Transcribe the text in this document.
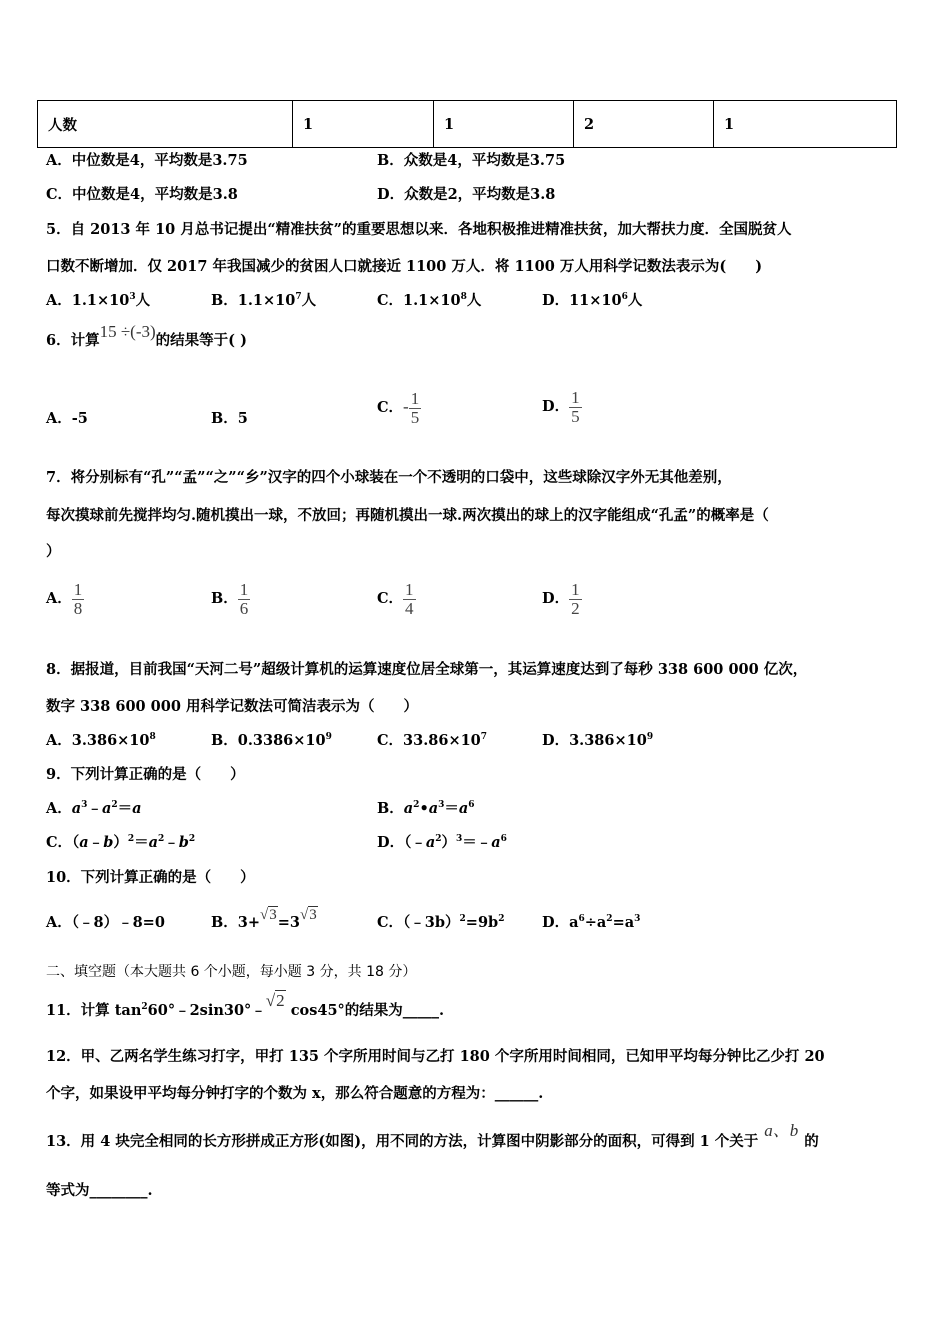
人数	1	1	2	1
A．中位数是4，平均数是3.75	B．众数是4，平均数是3.75
C．中位数是4，平均数是3.8	D．众数是2，平均数是3.8
5．自 2013 年 10 月总书记提出“精准扶贫”的重要思想以来．各地积极推进精准扶贫，加大帮扶力度．全国脱贫人
口数不断增加．仅 2017 年我国减少的贫困人口就接近 1100 万人．将 1100 万人用科学记数法表示为(　　)
A．$1.1\times 10^3$人	B．$1.1\times 10^7$人	C．$1.1\times 10^8$人	D．$11\times 10^6$人
6．计算15 ÷(-3)的结果等于( )
A．-5	B．5
C．- $\frac{1}{5}$	D． $\frac{1}{5}$
7．将分别标有“孔”“孟”“之”“乡”汉字的四个小球装在一个不透明的口袋中，这些球除汉字外无其他差别，
每次摸球前先搅拌均匀.随机摸出一球，不放回；再随机摸出一球.两次摸出的球上的汉字能组成“孔孟”的概率是（
）
A． $\frac{1}{8}$	B． $\frac{1}{6}$	C． $\frac{1}{4}$	D． $\frac{1}{2}$
8．据报道，目前我国“天河二号”超级计算机的运算速度位居全球第一，其运算速度达到了每秒 338 600 000 亿次，
数字 338 600 000 用科学记数法可简洁表示为（　　）
A．$3.386\times 10^8$	B．$0.3386\times 10^9$	C．$33.86\times 10^7$	D．$3.386\times 10^9$
9．下列计算正确的是（　　）
A．$a^3﹣a^2=a$	B．$a^2•a^3=a^6$
C．$(a﹣b)^2=a^2﹣b^2$	D．$(﹣a^2)^3=﹣a^6$
10．下列计算正确的是（　　）
A．（﹣8）﹣8=0	B．3+√3=3√3	C．$(﹣3b)^2=9b^2$	D．$a^6\div a^2=a^3$
二、填空题（本大题共 6 个小题，每小题 3 分，共 18 分）
11．计算 $\tan^260^\circ﹣2\sin 30^\circ﹣√2$ cos45°的结果为_____.
12．甲、乙两名学生练习打字，甲打 135 个字所用时间与乙打 180 个字所用时间相同，已知甲平均每分钟比乙少打 20
个字，如果设甲平均每分钟打字的个数为 x，那么符合题意的方程为：______.
13．用 4 块完全相同的长方形拼成正方形(如图)，用不同的方法，计算图中阴影部分的面积，可得到 1 个关于a、b的
等式为________.
